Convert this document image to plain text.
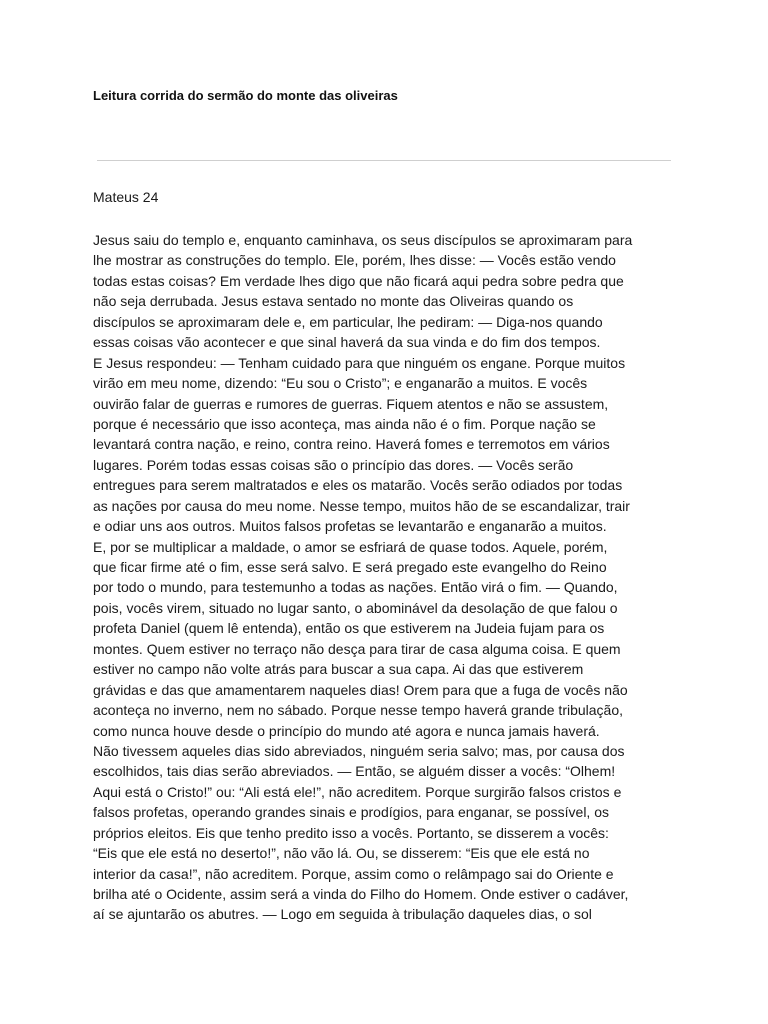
Leitura corrida do sermão do monte das oliveiras
Mateus 24
Jesus saiu do templo e, enquanto caminhava, os seus discípulos se aproximaram para
lhe mostrar as construções do templo. Ele, porém, lhes disse: — Vocês estão vendo
todas estas coisas? Em verdade lhes digo que não ficará aqui pedra sobre pedra que
não seja derrubada. Jesus estava sentado no monte das Oliveiras quando os
discípulos se aproximaram dele e, em particular, lhe pediram: — Diga-nos quando
essas coisas vão acontecer e que sinal haverá da sua vinda e do fim dos tempos.
E Jesus respondeu: — Tenham cuidado para que ninguém os engane. Porque muitos
virão em meu nome, dizendo: “Eu sou o Cristo”; e enganarão a muitos. E vocês
ouvirão falar de guerras e rumores de guerras. Fiquem atentos e não se assustem,
porque é necessário que isso aconteça, mas ainda não é o fim. Porque nação se
levantará contra nação, e reino, contra reino. Haverá fomes e terremotos em vários
lugares. Porém todas essas coisas são o princípio das dores. — Vocês serão
entregues para serem maltratados e eles os matarão. Vocês serão odiados por todas
as nações por causa do meu nome. Nesse tempo, muitos hão de se escandalizar, trair
e odiar uns aos outros. Muitos falsos profetas se levantarão e enganarão a muitos.
E, por se multiplicar a maldade, o amor se esfriará de quase todos. Aquele, porém,
que ficar firme até o fim, esse será salvo. E será pregado este evangelho do Reino
por todo o mundo, para testemunho a todas as nações. Então virá o fim. — Quando,
pois, vocês virem, situado no lugar santo, o abominável da desolação de que falou o
profeta Daniel (quem lê entenda), então os que estiverem na Judeia fujam para os
montes. Quem estiver no terraço não desça para tirar de casa alguma coisa. E quem
estiver no campo não volte atrás para buscar a sua capa. Ai das que estiverem
grávidas e das que amamentarem naqueles dias! Orem para que a fuga de vocês não
aconteça no inverno, nem no sábado. Porque nesse tempo haverá grande tribulação,
como nunca houve desde o princípio do mundo até agora e nunca jamais haverá.
Não tivessem aqueles dias sido abreviados, ninguém seria salvo; mas, por causa dos
escolhidos, tais dias serão abreviados. — Então, se alguém disser a vocês: “Olhem!
Aqui está o Cristo!” ou: “Ali está ele!”, não acreditem. Porque surgirão falsos cristos e
falsos profetas, operando grandes sinais e prodígios, para enganar, se possível, os
próprios eleitos. Eis que tenho predito isso a vocês. Portanto, se disserem a vocês:
“Eis que ele está no deserto!”, não vão lá. Ou, se disserem: “Eis que ele está no
interior da casa!”, não acreditem. Porque, assim como o relâmpago sai do Oriente e
brilha até o Ocidente, assim será a vinda do Filho do Homem. Onde estiver o cadáver,
aí se ajuntarão os abutres. — Logo em seguida à tribulação daqueles dias, o sol
